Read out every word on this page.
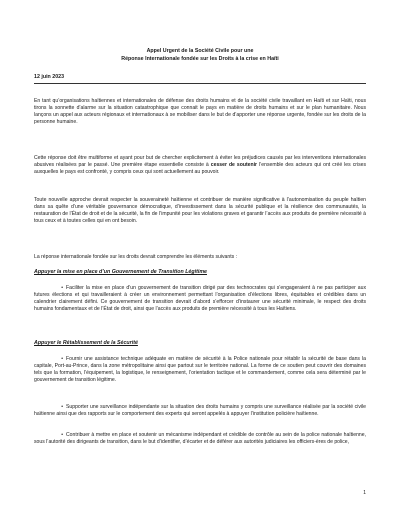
Appel Urgent de la Société Civile pour une
Réponse Internationale fondée sur les Droits à la crise en Haïti
12 juin 2023

En tant qu’organisations haïtiennes et internationales de défense des droits humains et de la société civile travaillant en Haïti et sur Haïti, nous tirons la sonnette d’alarme sur la situation catastrophique que connait le pays en matière de droits humains et sur le plan humanitaire. Nous lançons un appel aux acteurs régionaux et internationaux à se mobiliser dans le but de d’apporter une réponse urgente, fondée sur les droits de la personne humaine.

Cette réponse doit être multiforme et ayant pour but de chercher explicitement à éviter les préjudices causés par les interventions internationales abusives réalisées par le passé. Une première étape essentielle consiste à cesser de soutenir l’ensemble des acteurs qui ont créé les crises auxquelles le pays est confronté, y compris ceux qui sont actuellement au pouvoir.

Toute nouvelle approche devrait respecter la souveraineté haïtienne et contribuer de manière significative à l’autonomisation du peuple haïtien dans sa quête d’une véritable gouvernance démocratique, d’investissement dans la sécurité publique et la résilience des communautés, la restauration de l’État de droit et de la sécurité, la fin de l’impunité pour les violations graves et garantir l’accès aux produits de première nécessité à tous ceux et à toutes celles qui en ont besoin.

La réponse internationale fondée sur les droits devrait comprendre les éléments suivants :

Appuyer la mise en place d’un Gouvernement de Transition Légitime

• Faciliter la mise en place d’un gouvernement de transition dirigé par des technocrates qui s’engageraient à ne pas participer aux futures élections et qui travailleraient à créer un environnement permettant l’organisation d’élections libres, équitables et crédibles dans un calendrier clairement défini. Ce gouvernement de transition devrait d’abord s’efforcer d’instaurer une sécurité minimale, le respect des droits humains fondamentaux et de l’État de droit, ainsi que l’accès aux produits de première nécessité à tous les Haïtiens.

Appuyer le Rétablissement de la Sécurité

• Fournir une assistance technique adéquate en matière de sécurité à la Police nationale pour rétablir la sécurité de base dans la capitale, Port-au-Prince, dans la zone métropolitaine ainsi que partout sur le territoire national. La forme de ce soutien peut couvrir des domaines tels que la formation, l’équipement, la logistique, le renseignement, l’orientation tactique et le commandement, comme cela sera déterminé par le gouvernement de transition légitime.

• Supporter une surveillance indépendante sur la situation des droits humains y compris une surveillance réalisée par la société civile haïtienne ainsi que des rapports sur le comportement des experts qui seront appelés à appuyer l’institution policière haïtienne.

• Contribuer à mettre en place et soutenir un mécanisme indépendant et crédible de contrôle au sein de la police nationale haïtienne, sous l’autorité des dirigeants de transition, dans le but d’identifier, d’écarter et de déférer aux autorités judiciaires les officiers-ères de police,

1
